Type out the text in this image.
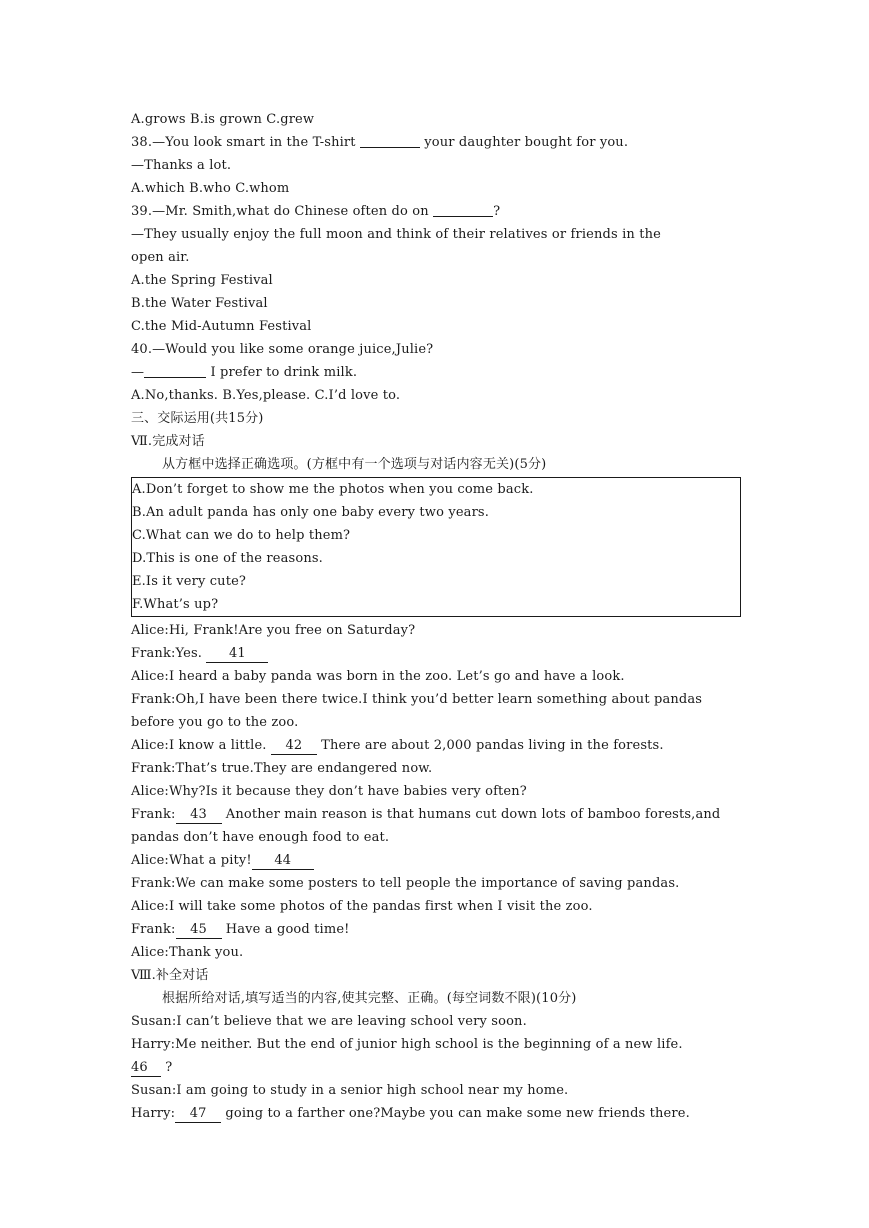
A.grows B.is grown C.grew
38.—You look smart in the T-shirt	your daughter bought for you.
—Thanks a lot.
A.which B.who C.whom
39.—Mr. Smith,what do Chinese often do on	?
—They usually enjoy the full moon and think of their relatives or friends in the
open air.
A.the Spring Festival
B.the Water Festival
C.the Mid-Autumn Festival
40.—Would you like some orange juice,Julie?
—	I prefer to drink milk.
A.No,thanks. B.Yes,please. C.I’d love to.
三、交际运用(共15分)
Ⅶ.完成对话
从方框中选择正确选项。(方框中有一个选项与对话内容无关)(5分)
A.Don’t forget to show me the photos when you come back.
B.An adult panda has only one baby every two years.
C.What can we do to help them?
D.This is one of the reasons.
E.Is it very cute?
F.What’s up?
Alice:Hi, Frank!Are you free on Saturday?
Frank:Yes. 41
Alice:I heard a baby panda was born in the zoo. Let’s go and have a look.
Frank:Oh,I have been there twice.I think you’d better learn something about pandas
before you go to the zoo.
Alice:I know a little. 42 There are about 2,000 pandas living in the forests.
Frank:That’s true.They are endangered now.
Alice:Why?Is it because they don’t have babies very often?
Frank: 43 Another main reason is that humans cut down lots of bamboo forests,and
pandas don’t have enough food to eat.
Alice:What a pity! 44
Frank:We can make some posters to tell people the importance of saving pandas.
Alice:I will take some photos of the pandas first when I visit the zoo.
Frank: 45 Have a good time!
Alice:Thank you.
Ⅷ.补全对话
根据所给对话,填写适当的内容,使其完整、正确。(每空词数不限)(10分)
Susan:I can’t believe that we are leaving school very soon.
Harry:Me neither. But the end of junior high school is the beginning of a new life.
46 ?
Susan:I am going to study in a senior high school near my home.
Harry: 47 going to a farther one?Maybe you can make some new friends there.
